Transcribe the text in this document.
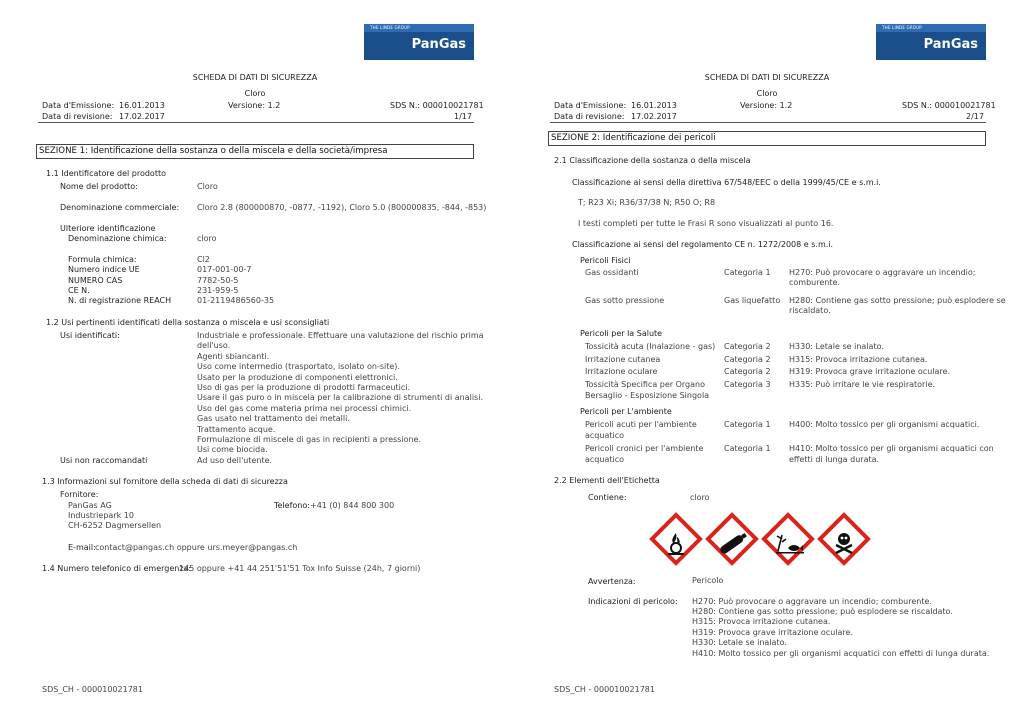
THE LINDE GROUP
PanGas
SCHEDA DI DATI DI SICUREZZA
Cloro
Data d'Emissione: 16.01.2013	Versione: 1.2	SDS N.: 000010021781
Data di revisione: 17.02.2017	1/17
SEZIONE 1: Identificazione della sostanza o della miscela e della società/impresa
1.1 Identificatore del prodotto
Nome del prodotto:	Cloro
Denominazione commerciale: Cloro 2.8 (800000870, -0877, -1192), Cloro 5.0 (800000835, -844, -853)
Ulteriore identificazione
Denominazione chimica:	cloro
Formula chimica:	Cl2
Numero indice UE	017-001-00-7
NUMERO CAS	7782-50-5
CE N.	231-959-5
N. di registrazione REACH	01-2119486560-35
1.2 Usi pertinenti identificati della sostanza o miscela e usi sconsigliati
Usi identificati:	Industriale e professionale. Effettuare una valutazione del rischio prima
dell'uso.
Agenti sbiancanti.
Uso come intermedio (trasportato, isolato on-site).
Usato per la produzione di componenti elettronici.
Uso di gas per la produzione di prodotti farmaceutici.
Usare il gas puro o in miscela per la calibrazione di strumenti di analisi.
Uso del gas come materia prima nei processi chimici.
Gas usato nel trattamento dei metalli.
Trattamento acque.
Formulazione di miscele di gas in recipienti a pressione.
Usi come biocida.
Usi non raccomandati	Ad uso dell'utente.
1.3 Informazioni sul fornitore della scheda di dati di sicurezza
Fornitore:
PanGas AG
Industriepark 10
CH-6252 Dagmersellen
Telefono: +41 (0) 844 800 300
E-mail: contact@pangas.ch oppure urs.meyer@pangas.ch
1.4 Numero telefonico di emergenza:
145 oppure +41 44 251'51'51 Tox Info Suisse (24h, 7 giorni)
SDS_CH - 000010021781
THE LINDE GROUP
PanGas
SCHEDA DI DATI DI SICUREZZA
Cloro
Data d'Emissione: 16.01.2013	Versione: 1.2	SDS N.: 000010021781
Data di revisione: 17.02.2017	2/17
SEZIONE 2: Identificazione dei pericoli
2.1 Classificazione della sostanza o della miscela
Classificazione ai sensi della direttiva 67/548/EEC o della 1999/45/CE e s.m.i.
T; R23 Xi; R36/37/38 N; R50 O; R8
I testi completi per tutte le Frasi R sono visualizzati al punto 16.
Classificazione ai sensi del regolamento CE n. 1272/2008 e s.m.i.
Pericoli Fisici
Gas ossidanti	Categoria 1 H270: Può provocare o aggravare un incendio;
comburente.
Gas sotto pressione	Gas liquefatto H280: Contiene gas sotto pressione; può esplodere se
riscaldato.
Pericoli per la Salute
Tossicità acuta (Inalazione - gas) Categoria 2 H330: Letale se inalato.
Irritazione cutanea	Categoria 2 H315: Provoca irritazione cutanea.
Irritazione oculare	Categoria 2 H319: Provoca grave irritazione oculare.
Tossicità Specifica per Organo
Bersaglio - Esposizione Singola
Categoria 3 H335: Può irritare le vie respiratorie.
Pericoli per L'ambiente
Pericoli acuti per l'ambiente
acquatico
Categoria 1 H400: Molto tossico per gli organismi acquatici.
Pericoli cronici per l'ambiente
acquatico
Categoria 1 H410: Molto tossico per gli organismi acquatici con
effetti di lunga durata.
2.2 Elementi dell'Etichetta
Contiene:	cloro
Avvertenza:	Pericolo
Indicazioni di pericolo: H270: Può provocare o aggravare un incendio; comburente.
H280: Contiene gas sotto pressione; può esplodere se riscaldato.
H315: Provoca irritazione cutanea.
H319: Provoca grave irritazione oculare.
H330: Letale se inalato.
H410: Molto tossico per gli organismi acquatici con effetti di lunga durata.
SDS_CH - 000010021781
